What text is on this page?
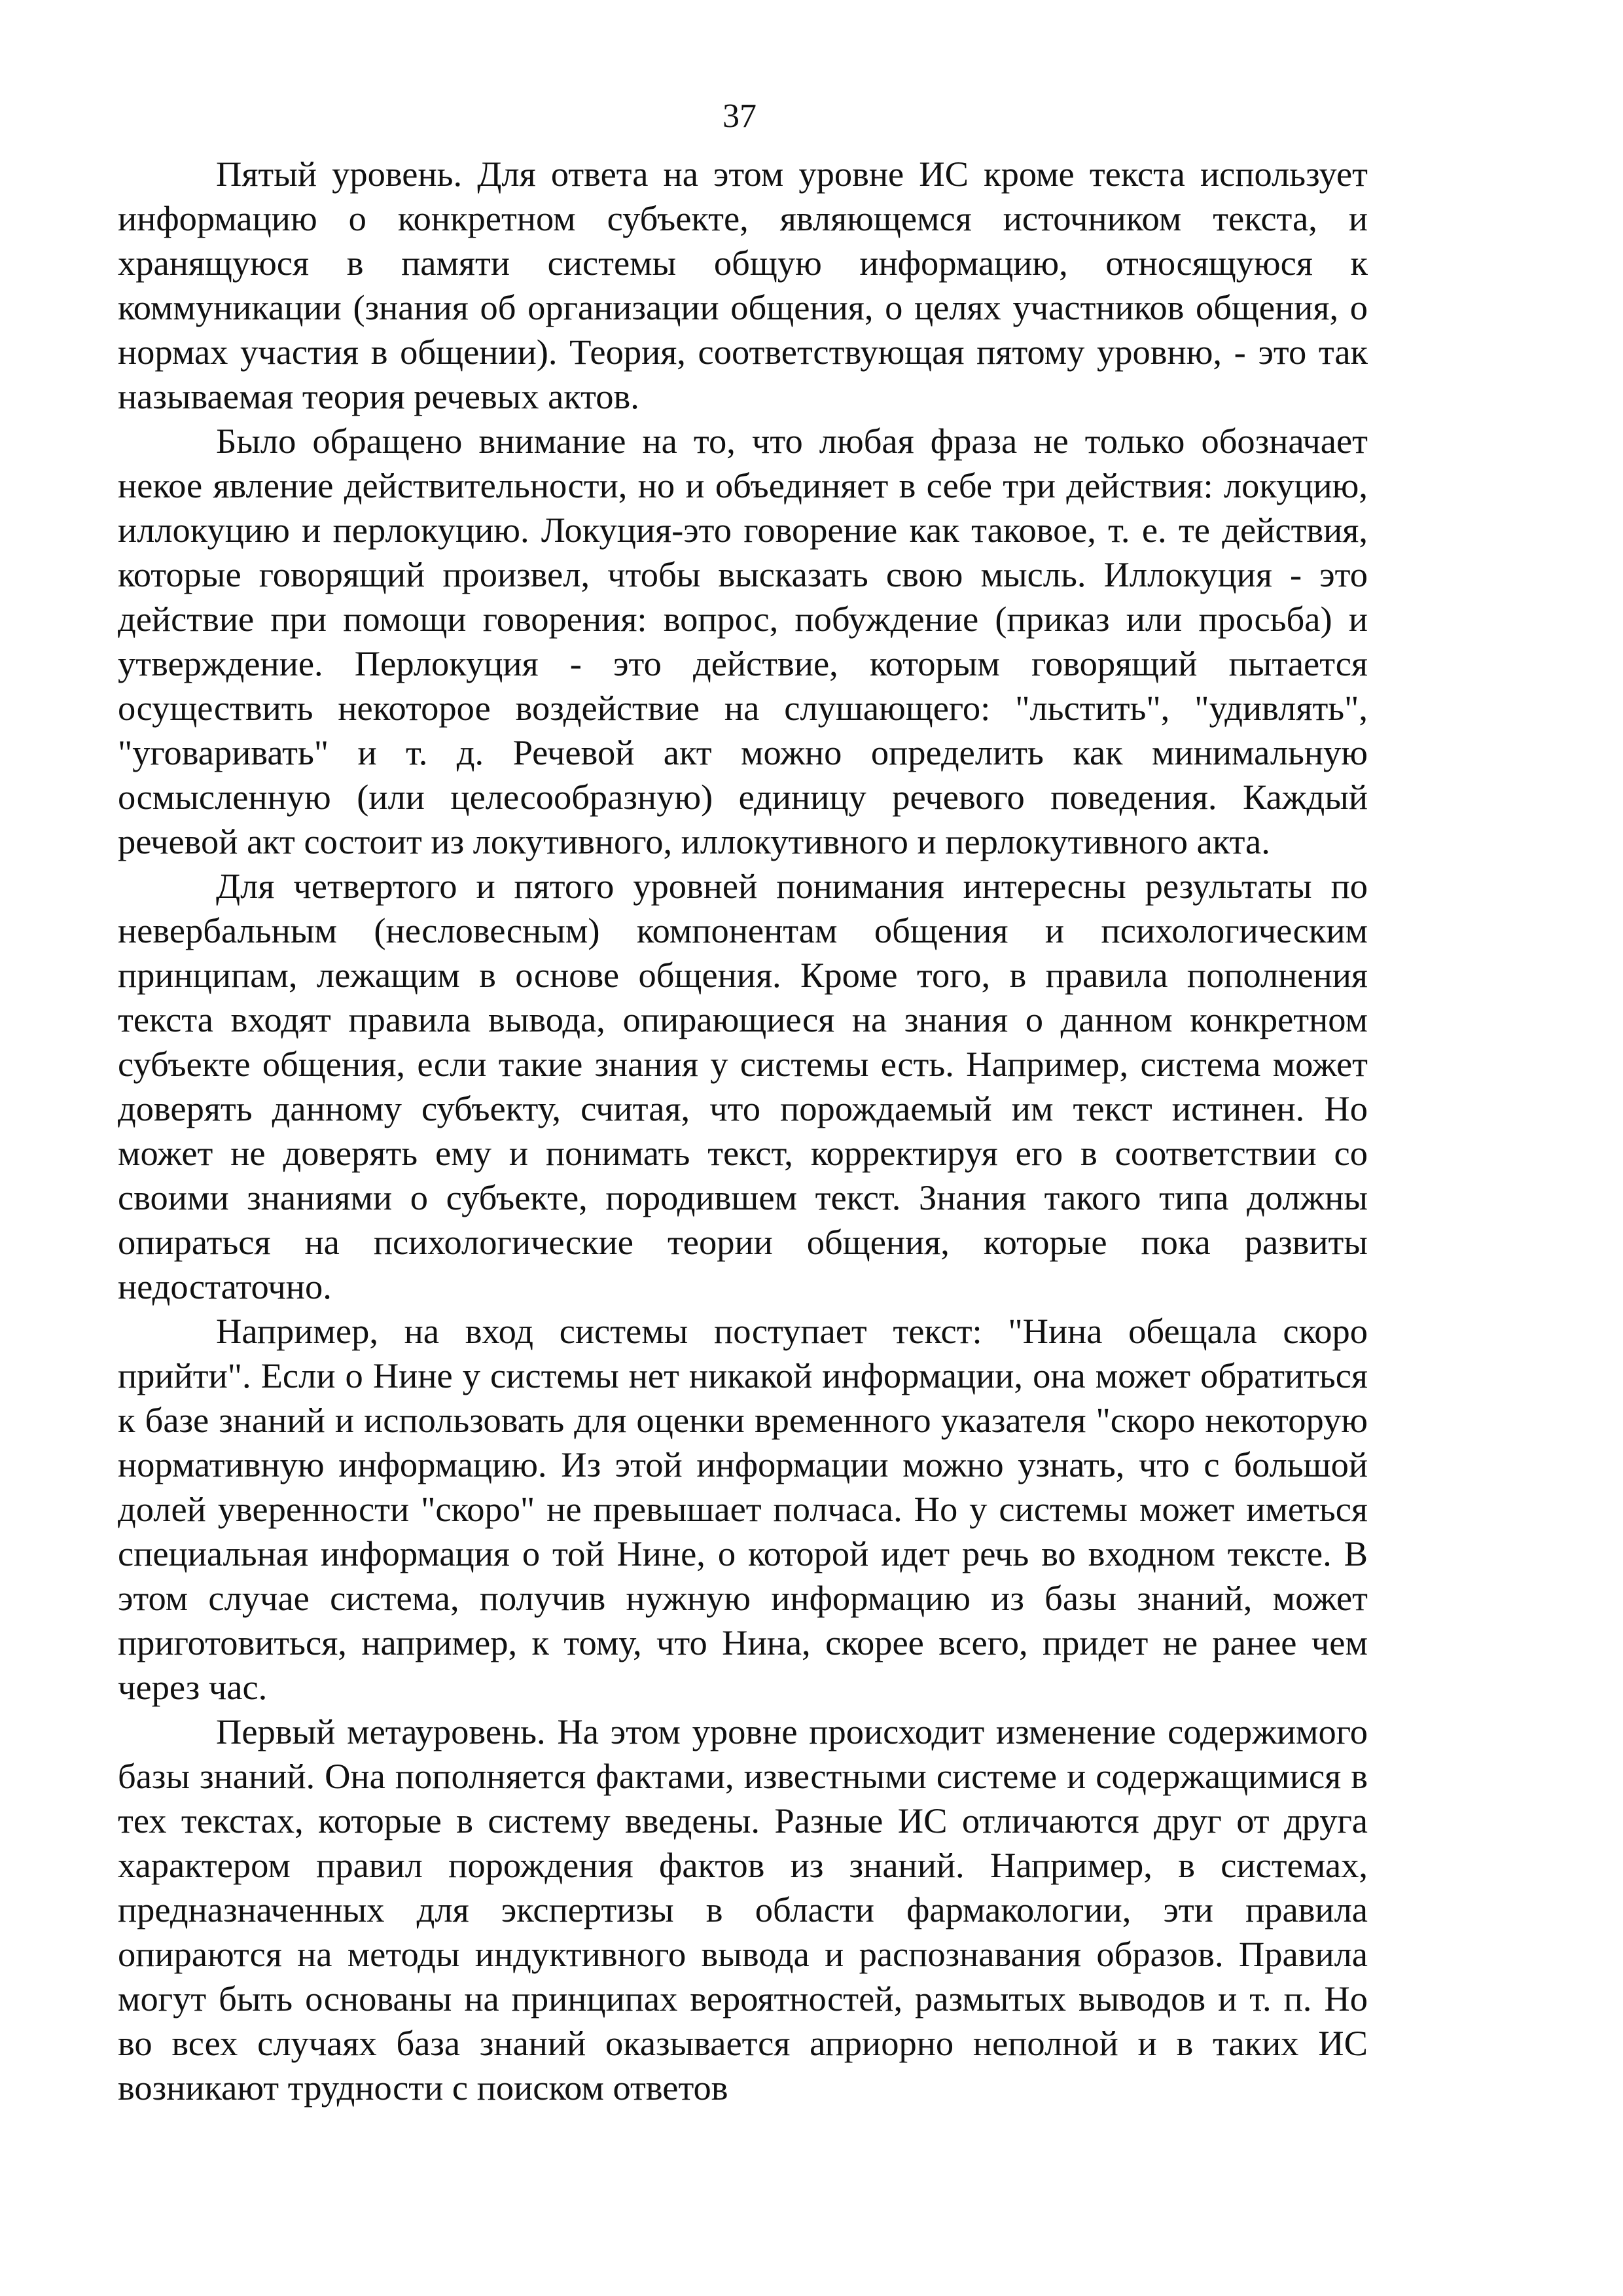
37

Пятый уровень. Для ответа на этом уровне ИС кроме текста использует информацию о конкретном субъекте, являющемся источником текста, и хранящуюся в памяти системы общую информацию, относящуюся к коммуникации (знания об организации общения, о целях участников общения, о нормах участия в общении). Теория, соответствующая пятому уровню, - это так называемая теория речевых актов.

Было обращено внимание на то, что любая фраза не только обозначает некое явление действительности, но и объединяет в себе три действия: локуцию, иллокуцию и перлокуцию. Локуция-это говорение как таковое, т. е. те действия, которые говорящий произвел, чтобы высказать свою мысль. Иллокуция - это действие при помощи говорения: вопрос, побуждение (приказ или просьба) и утверждение. Перлокуция - это действие, которым говорящий пытается осуществить некоторое воздействие на слушающего: "льстить", "удивлять", "уговаривать" и т. д. Речевой акт можно определить как минимальную осмысленную (или целесообразную) единицу речевого поведения. Каждый речевой акт состоит из локутивного, иллокутивного и перлокутивного акта.

Для четвертого и пятого уровней понимания интересны результаты по невербальным (несловесным) компонентам общения и психологическим принципам, лежащим в основе общения. Кроме того, в правила пополнения текста входят правила вывода, опирающиеся на знания о данном конкретном субъекте общения, если такие знания у системы есть. Например, система может доверять данному субъекту, считая, что порождаемый им текст истинен. Но может не доверять ему и понимать текст, корректируя его в соответствии со своими знаниями о субъекте, породившем текст. Знания такого типа должны опираться на психологические теории общения, которые пока развиты недостаточно.

Например, на вход системы поступает текст: "Нина обещала скоро прийти". Если о Нине у системы нет никакой информации, она может обратиться к базе знаний и использовать для оценки временного указателя "скоро некоторую нормативную информацию. Из этой информации можно узнать, что с большой долей уверенности "скоро" не превышает полчаса. Но у системы может иметься специальная информация о той Нине, о которой идет речь во входном тексте. В этом случае система, получив нужную информацию из базы знаний, может приготовиться, например, к тому, что Нина, скорее всего, придет не ранее чем через час.

Первый метауровень. На этом уровне происходит изменение содержимого базы знаний. Она пополняется фактами, известными системе и содержащимися в тех текстах, которые в систему введены. Разные ИС отличаются друг от друга характером правил порождения фактов из знаний. Например, в системах, предназначенных для экспертизы в области фармакологии, эти правила опираются на методы индуктивного вывода и распознавания образов. Правила могут быть основаны на принципах вероятностей, размытых выводов и т. п. Но во всех случаях база знаний оказывается априорно неполной и в таких ИС возникают трудности с поиском ответов
